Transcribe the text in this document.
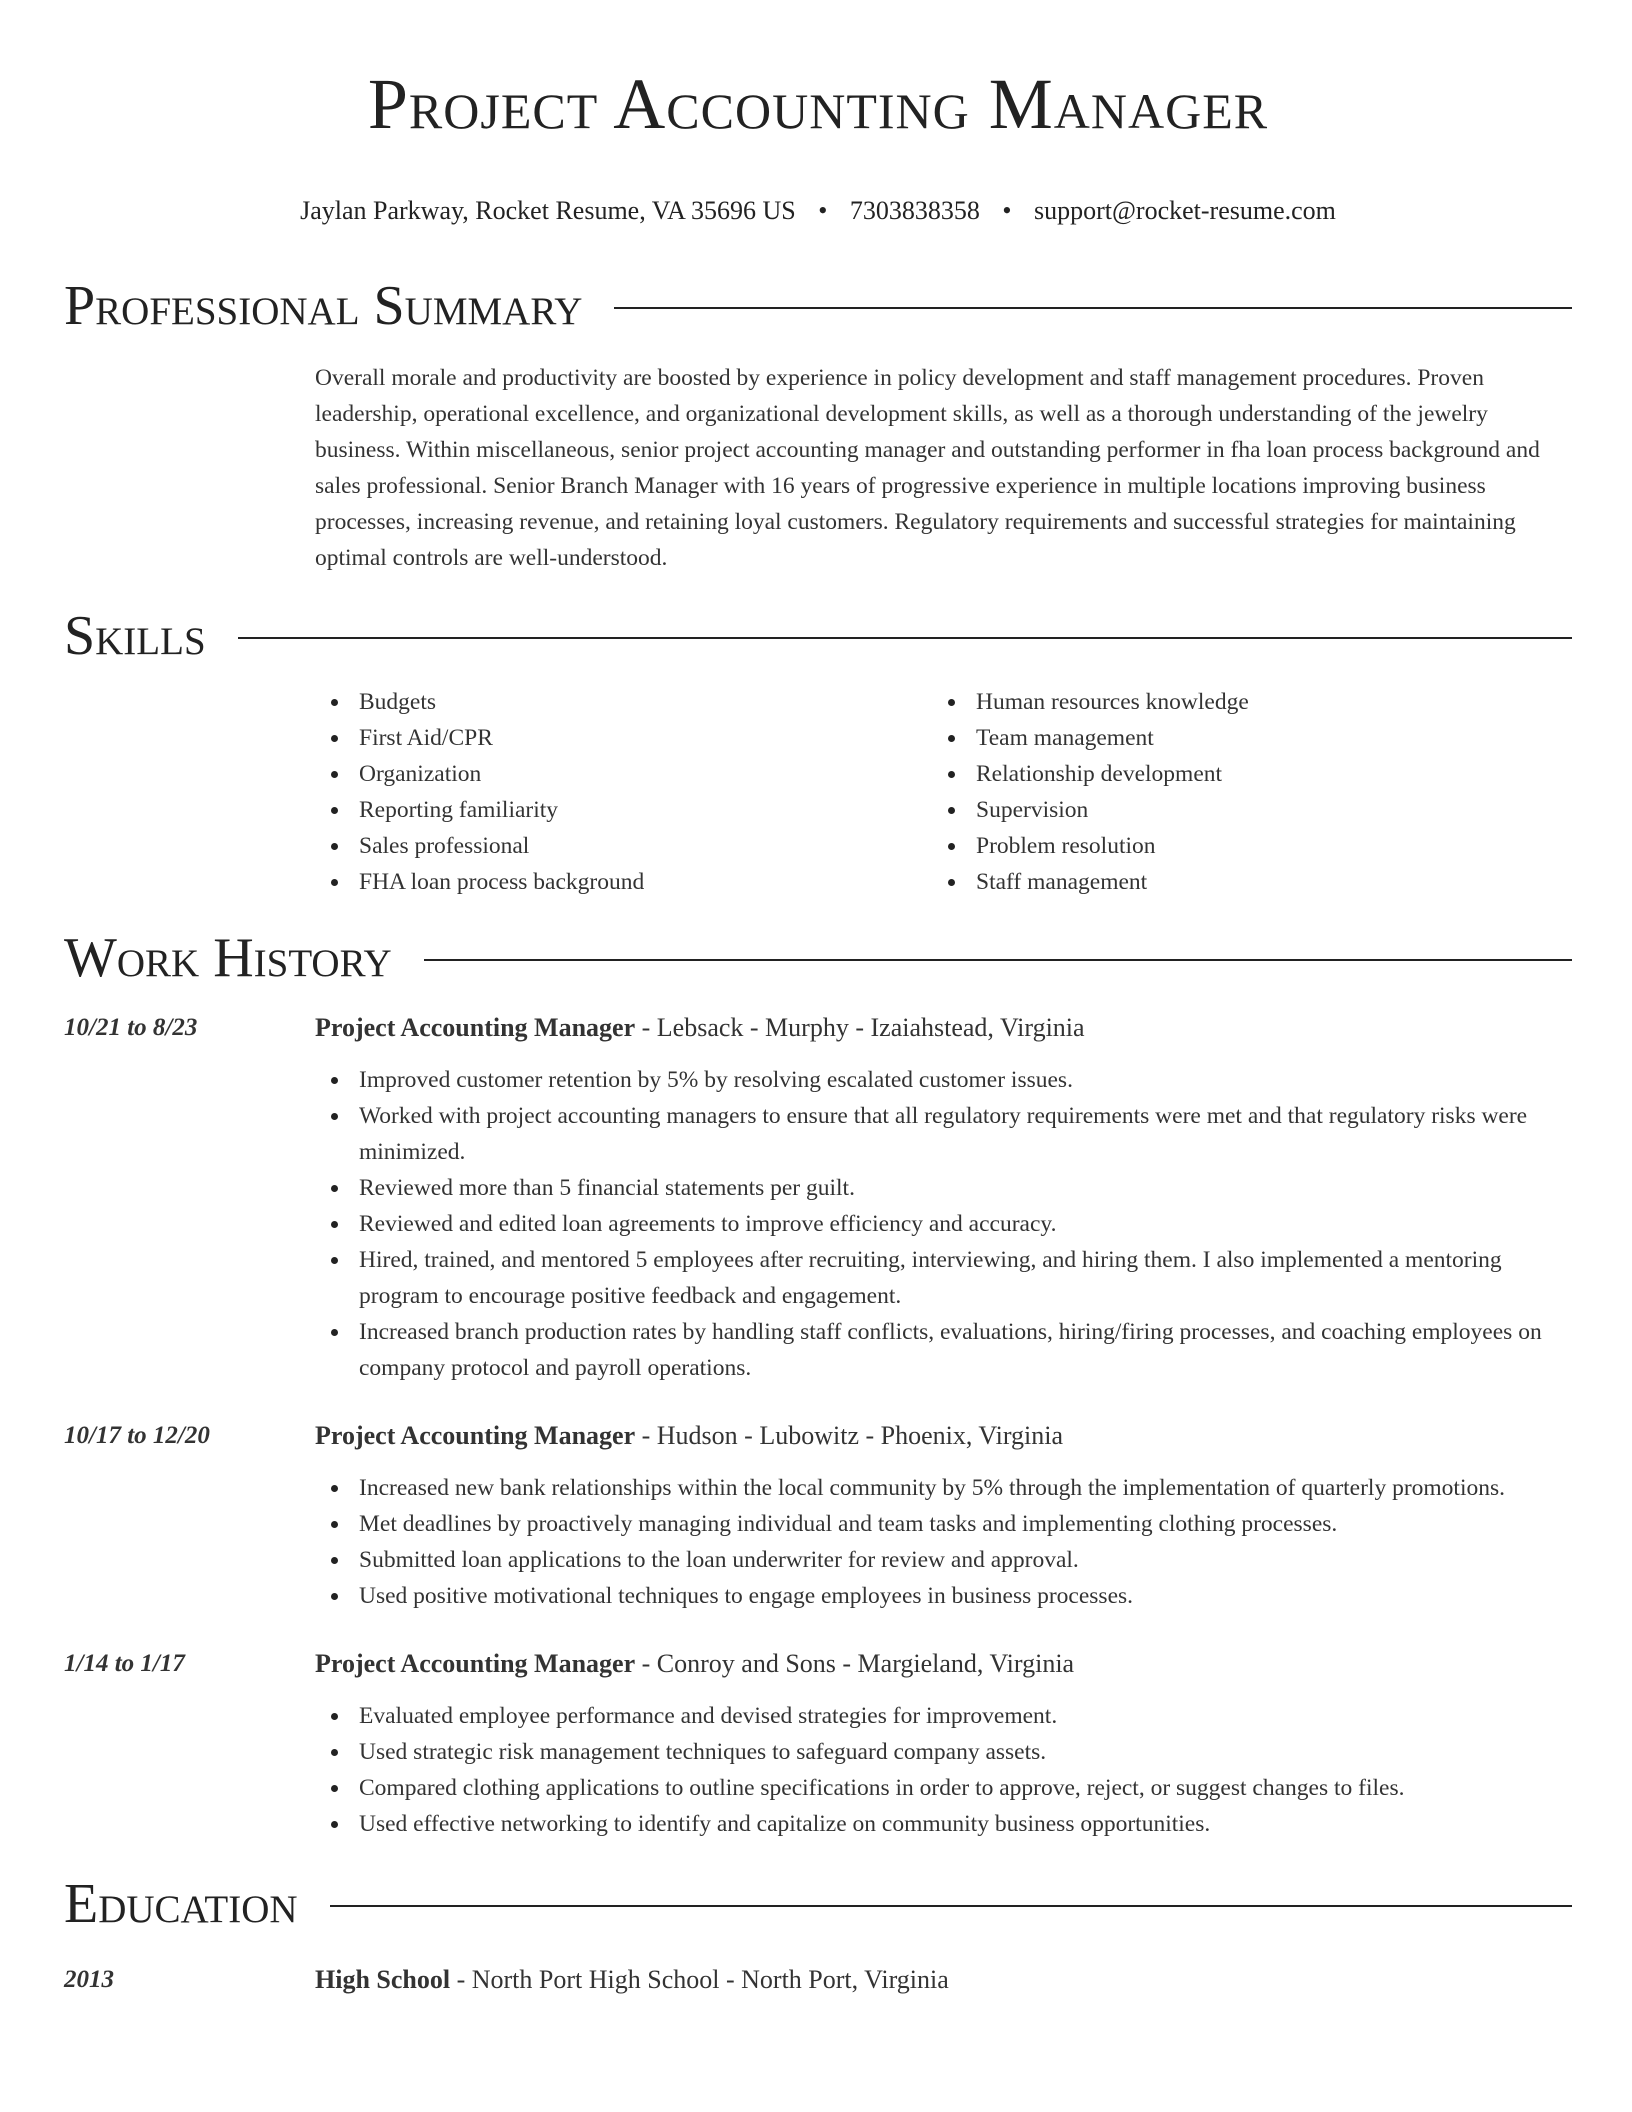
Project Accounting Manager
Jaylan Parkway, Rocket Resume, VA 35696 US • 7303838358 • support@rocket-resume.com
Professional Summary

Overall morale and productivity are boosted by experience in policy development and staff management procedures. Proven leadership, operational excellence, and organizational development skills, as well as a thorough understanding of the jewelry business. Within miscellaneous, senior project accounting manager and outstanding performer in fha loan process background and sales professional. Senior Branch Manager with 16 years of progressive experience in multiple locations improving business processes, increasing revenue, and retaining loyal customers. Regulatory requirements and successful strategies for maintaining optimal controls are well-understood.

Skills
Budgets
First Aid/CPR
Organization
Reporting familiarity
Sales professional
FHA loan process background
Human resources knowledge
Team management
Relationship development
Supervision
Problem resolution
Staff management
Work History
10/21 to 8/23	Project Accounting Manager - Lebsack - Murphy - Izaiahstead, Virginia
Improved customer retention by 5% by resolving escalated customer issues.
Worked with project accounting managers to ensure that all regulatory requirements were met and that regulatory risks were minimized.
Reviewed more than 5 financial statements per guilt.
Reviewed and edited loan agreements to improve efficiency and accuracy.
Hired, trained, and mentored 5 employees after recruiting, interviewing, and hiring them. I also implemented a mentoring program to encourage positive feedback and engagement.
Increased branch production rates by handling staff conflicts, evaluations, hiring/firing processes, and coaching employees on company protocol and payroll operations.
10/17 to 12/20	Project Accounting Manager - Hudson - Lubowitz - Phoenix, Virginia
Increased new bank relationships within the local community by 5% through the implementation of quarterly promotions.
Met deadlines by proactively managing individual and team tasks and implementing clothing processes.
Submitted loan applications to the loan underwriter for review and approval.
Used positive motivational techniques to engage employees in business processes.
1/14 to 1/17	Project Accounting Manager - Conroy and Sons - Margieland, Virginia
Evaluated employee performance and devised strategies for improvement.
Used strategic risk management techniques to safeguard company assets.
Compared clothing applications to outline specifications in order to approve, reject, or suggest changes to files.
Used effective networking to identify and capitalize on community business opportunities.
Education
2013	High School - North Port High School - North Port, Virginia
